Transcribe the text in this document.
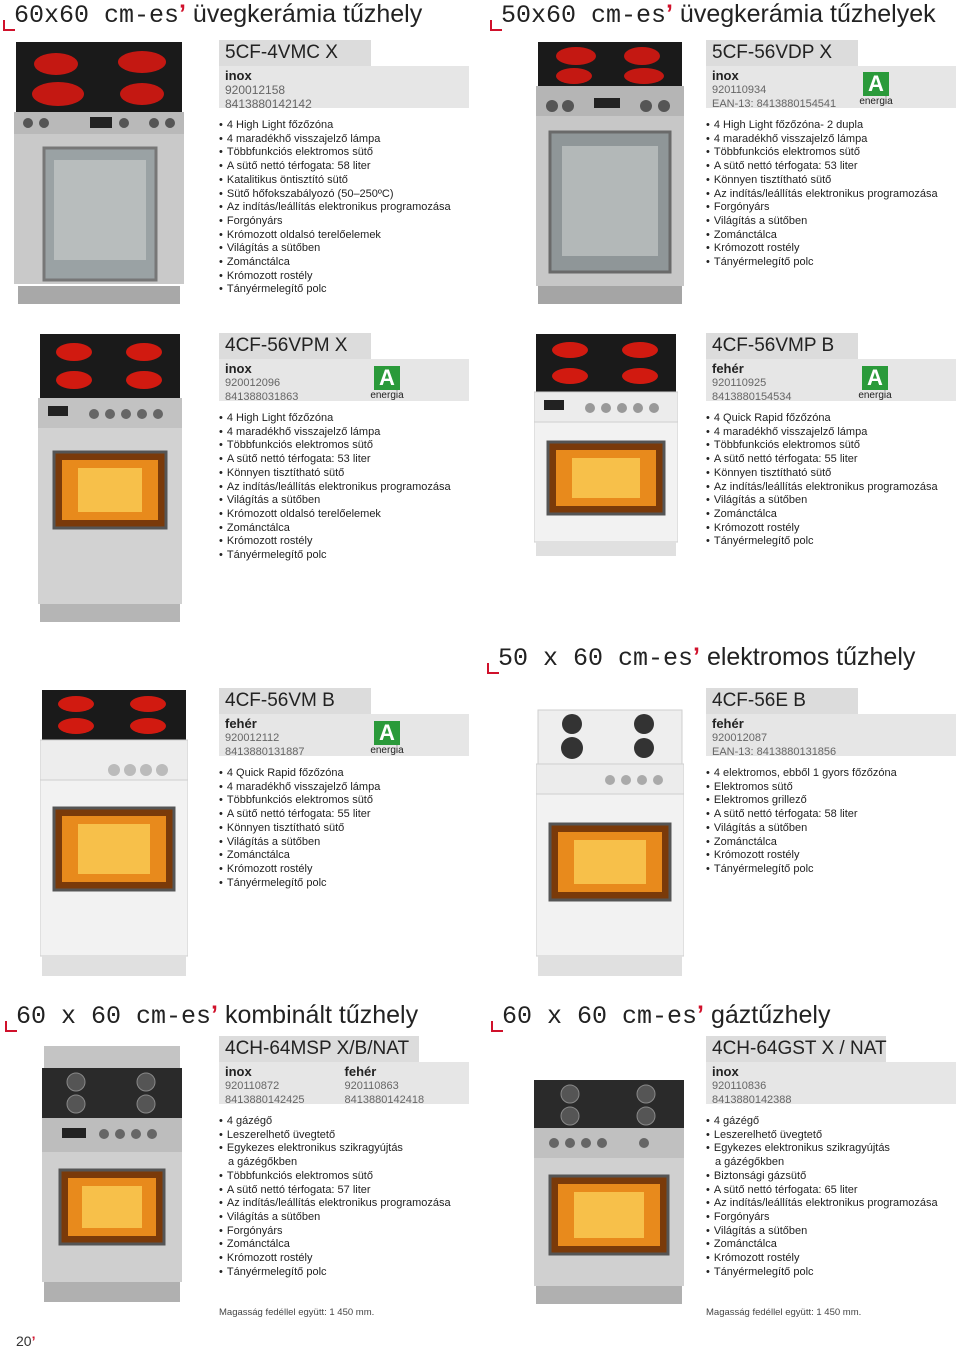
60x60 cm-es’ üvegkerámia tűzhely	50x60 cm-es’ üvegkerámia tűzhelyek
50 x 60 cm-es’ elektromos tűzhely
60 x 60 cm-es’ kombinált tűzhely	60 x 60 cm-es’ gáztűzhely
5CF-4VMC X
inox
920012158
8413880142142
• 4 High Light főzőzóna
• 4 maradékhő visszajelző lámpa
• Többfunkciós elektromos sütő
• A sütő nettó térfogata: 58 liter
• Katalitikus öntisztító sütő
• Sütő hőfokszabályozó (50–250ºC)
• Az indítás/leállítás elektronikus programozása
• Forgónyárs
• Krómozott oldalsó terelőelemek
• Világítás a sütőben
• Zománctálca
• Krómozott rostély
• Tányérmelegítő polc
5CF-56VDP X
inox
920110934
EAN-13: 8413880154541
A
energia
• 4 High Light főzőzóna- 2 dupla
• 4 maradékhő visszajelző lámpa
• Többfunkciós elektromos sütő
• A sütő nettó térfogata: 53 liter
• Könnyen tisztítható sütő
• Az indítás/leállítás elektronikus programozása
• Forgónyárs
• Világítás a sütőben
• Zománctálca
• Krómozott rostély
• Tányérmelegítő polc
4CF-56VPM X
inox
920012096
841388031863
A
energia
• 4 High Light főzőzóna
• 4 maradékhő visszajelző lámpa
• Többfunkciós elektromos sütő
• A sütő nettó térfogata: 53 liter
• Könnyen tisztítható sütő
• Az indítás/leállítás elektronikus programozása
• Világítás a sütőben
• Krómozott oldalsó terelőelemek
• Zománctálca
• Krómozott rostély
• Tányérmelegítő polc
4CF-56VMP B
fehér
920110925
8413880154534
A
energia
• 4 Quick Rapid főzőzóna
• 4 maradékhő visszajelző lámpa
• Többfunkciós elektromos sütő
• A sütő nettó térfogata: 55 liter
• Könnyen tisztítható sütő
• Az indítás/leállítás elektronikus programozása
• Világítás a sütőben
• Zománctálca
• Krómozott rostély
• Tányérmelegítő polc
4CF-56VM B
fehér
920012112
8413880131887
A
energia
• 4 Quick Rapid főzőzóna
• 4 maradékhő visszajelző lámpa
• Többfunkciós elektromos sütő
• A sütő nettó térfogata: 55 liter
• Könnyen tisztítható sütő
• Világítás a sütőben
• Zománctálca
• Krómozott rostély
• Tányérmelegítő polc
4CF-56E B
fehér
920012087
EAN-13: 8413880131856
• 4 elektromos, ebből 1 gyors főzőzóna
• Elektromos sütő
• Elektromos grillező
• A sütő nettó térfogata: 58 liter
• Világítás a sütőben
• Zománctálca
• Krómozott rostély
• Tányérmelegítő polc
4CH-64MSP X/B/NAT
inox
920110872
8413880142425
fehér
920110863
8413880142418
• 4 gázégő
• Leszerelhető üvegtető
• Egykezes elektronikus szikragyújtás
a gázégőkben
• Többfunkciós elektromos sütő
• A sütő nettó térfogata: 57 liter
• Az indítás/leállítás elektronikus programozása
• Világítás a sütőben
• Forgónyárs
• Zománctálca
• Krómozott rostély
• Tányérmelegítő polc
Magasság fedéllel együtt: 1 450 mm.
4CH-64GST X / NAT
inox
920110836
8413880142388
• 4 gázégő
• Leszerelhető üvegtető
• Egykezes elektronikus szikragyújtás
a gázégőkben
• Biztonsági gázsütő
• A sütő nettó térfogata: 65 liter
• Az indítás/leállítás elektronikus programozása
• Forgónyárs
• Világítás a sütőben
• Zománctálca
• Krómozott rostély
• Tányérmelegítő polc
Magasság fedéllel együtt: 1 450 mm.
20’
